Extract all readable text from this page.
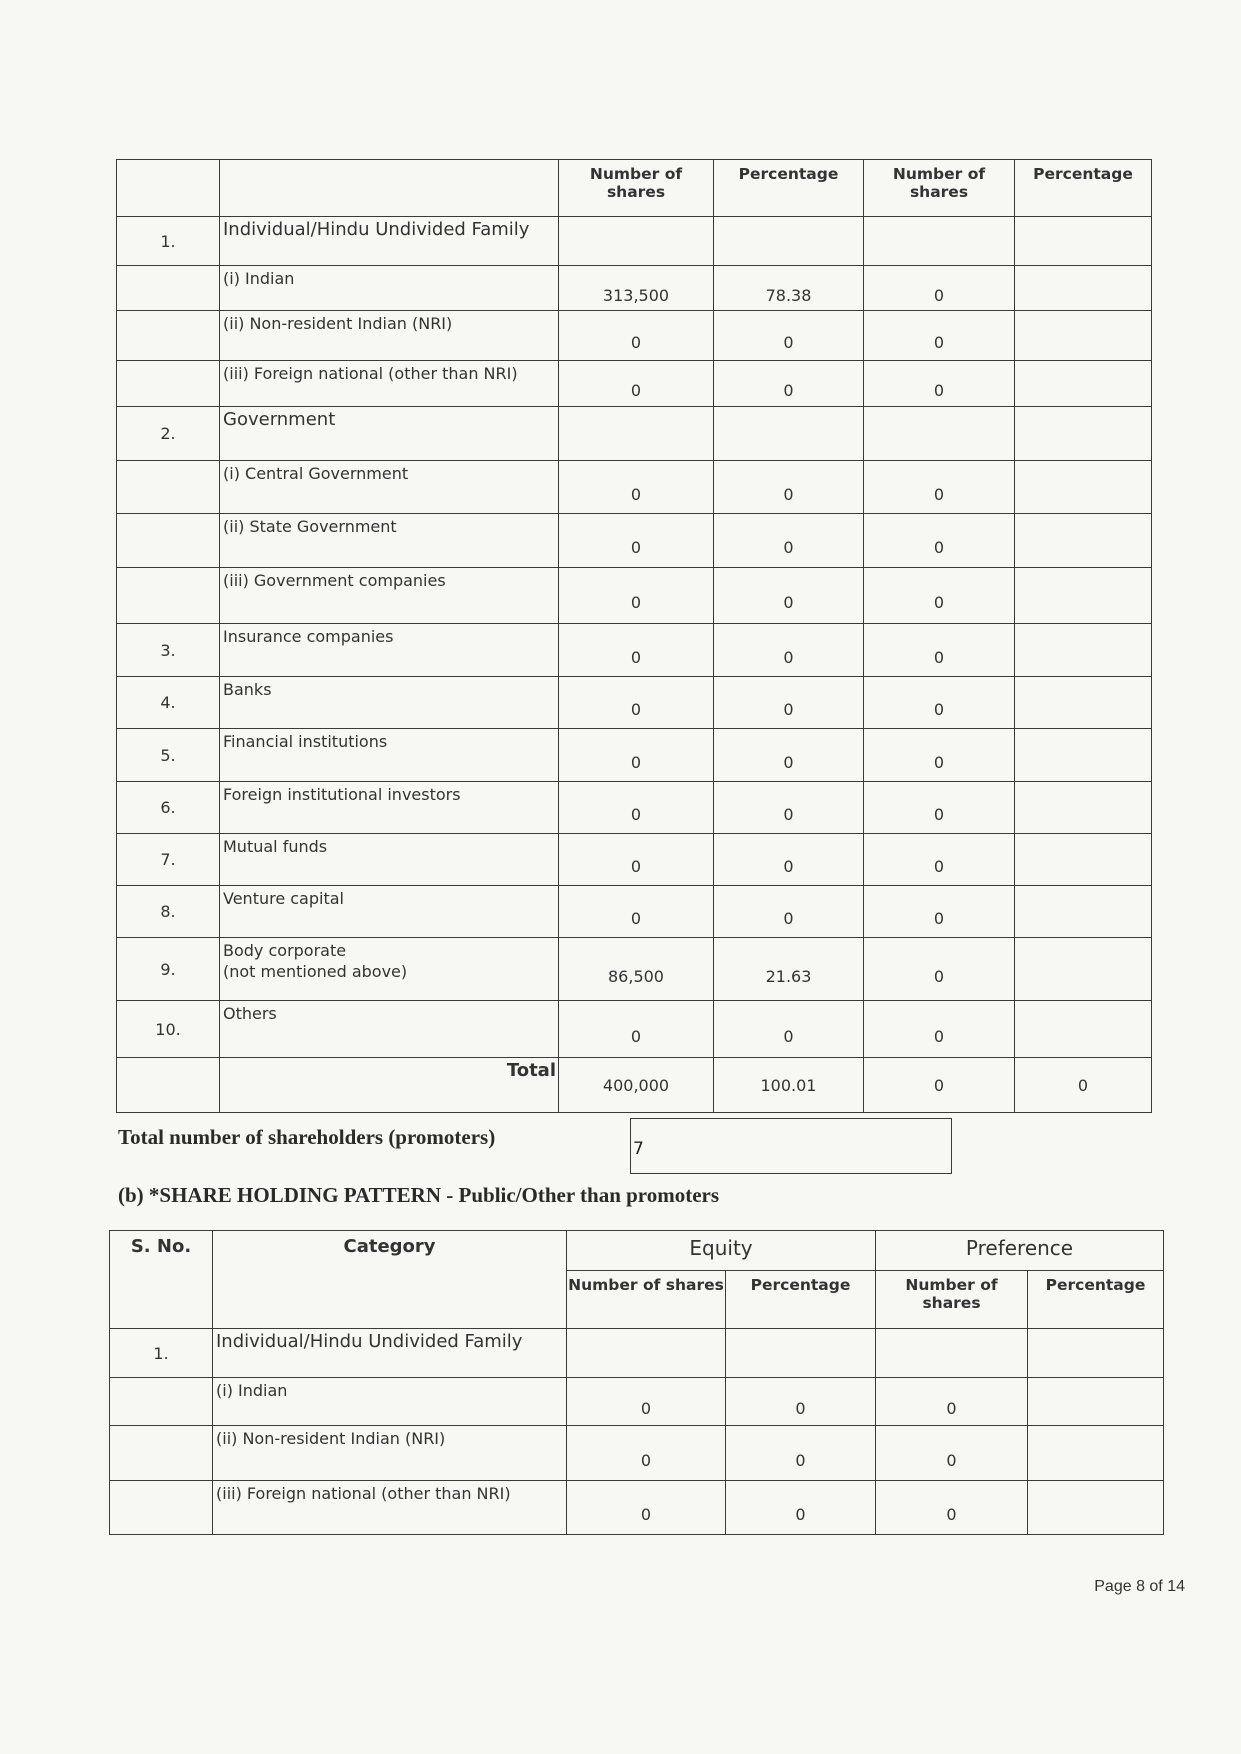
		Number of shares	Percentage	Number of shares	Percentage
1.	Individual/Hindu Undivided Family				
	(i) Indian	313,500	78.38	0	
	(ii) Non-resident Indian (NRI)	0	0	0	
	(iii) Foreign national (other than NRI)	0	0	0	
2.	Government				
	(i) Central Government	0	0	0	
	(ii) State Government	0	0	0	
	(iii) Government companies	0	0	0	
3.	Insurance companies	0	0	0	
4.	Banks	0	0	0	
5.	Financial institutions	0	0	0	
6.	Foreign institutional investors	0	0	0	
7.	Mutual funds	0	0	0	
8.	Venture capital	0	0	0	
9.	Body corporate
(not mentioned above)	86,500	21.63	0	
10.	Others	0	0	0	
	Total	400,000	100.01	0	0
Total number of shareholders (promoters)	7
(b) *SHARE HOLDING PATTERN - Public/Other than promoters
S. No.	Category	Equity		Preference	
		Number of shares	Percentage	Number of shares	Percentage
1.	Individual/Hindu Undivided Family				
	(i) Indian	0	0	0	
	(ii) Non-resident Indian (NRI)	0	0	0	
	(iii) Foreign national (other than NRI)	0	0	0	
Page 8 of 14
